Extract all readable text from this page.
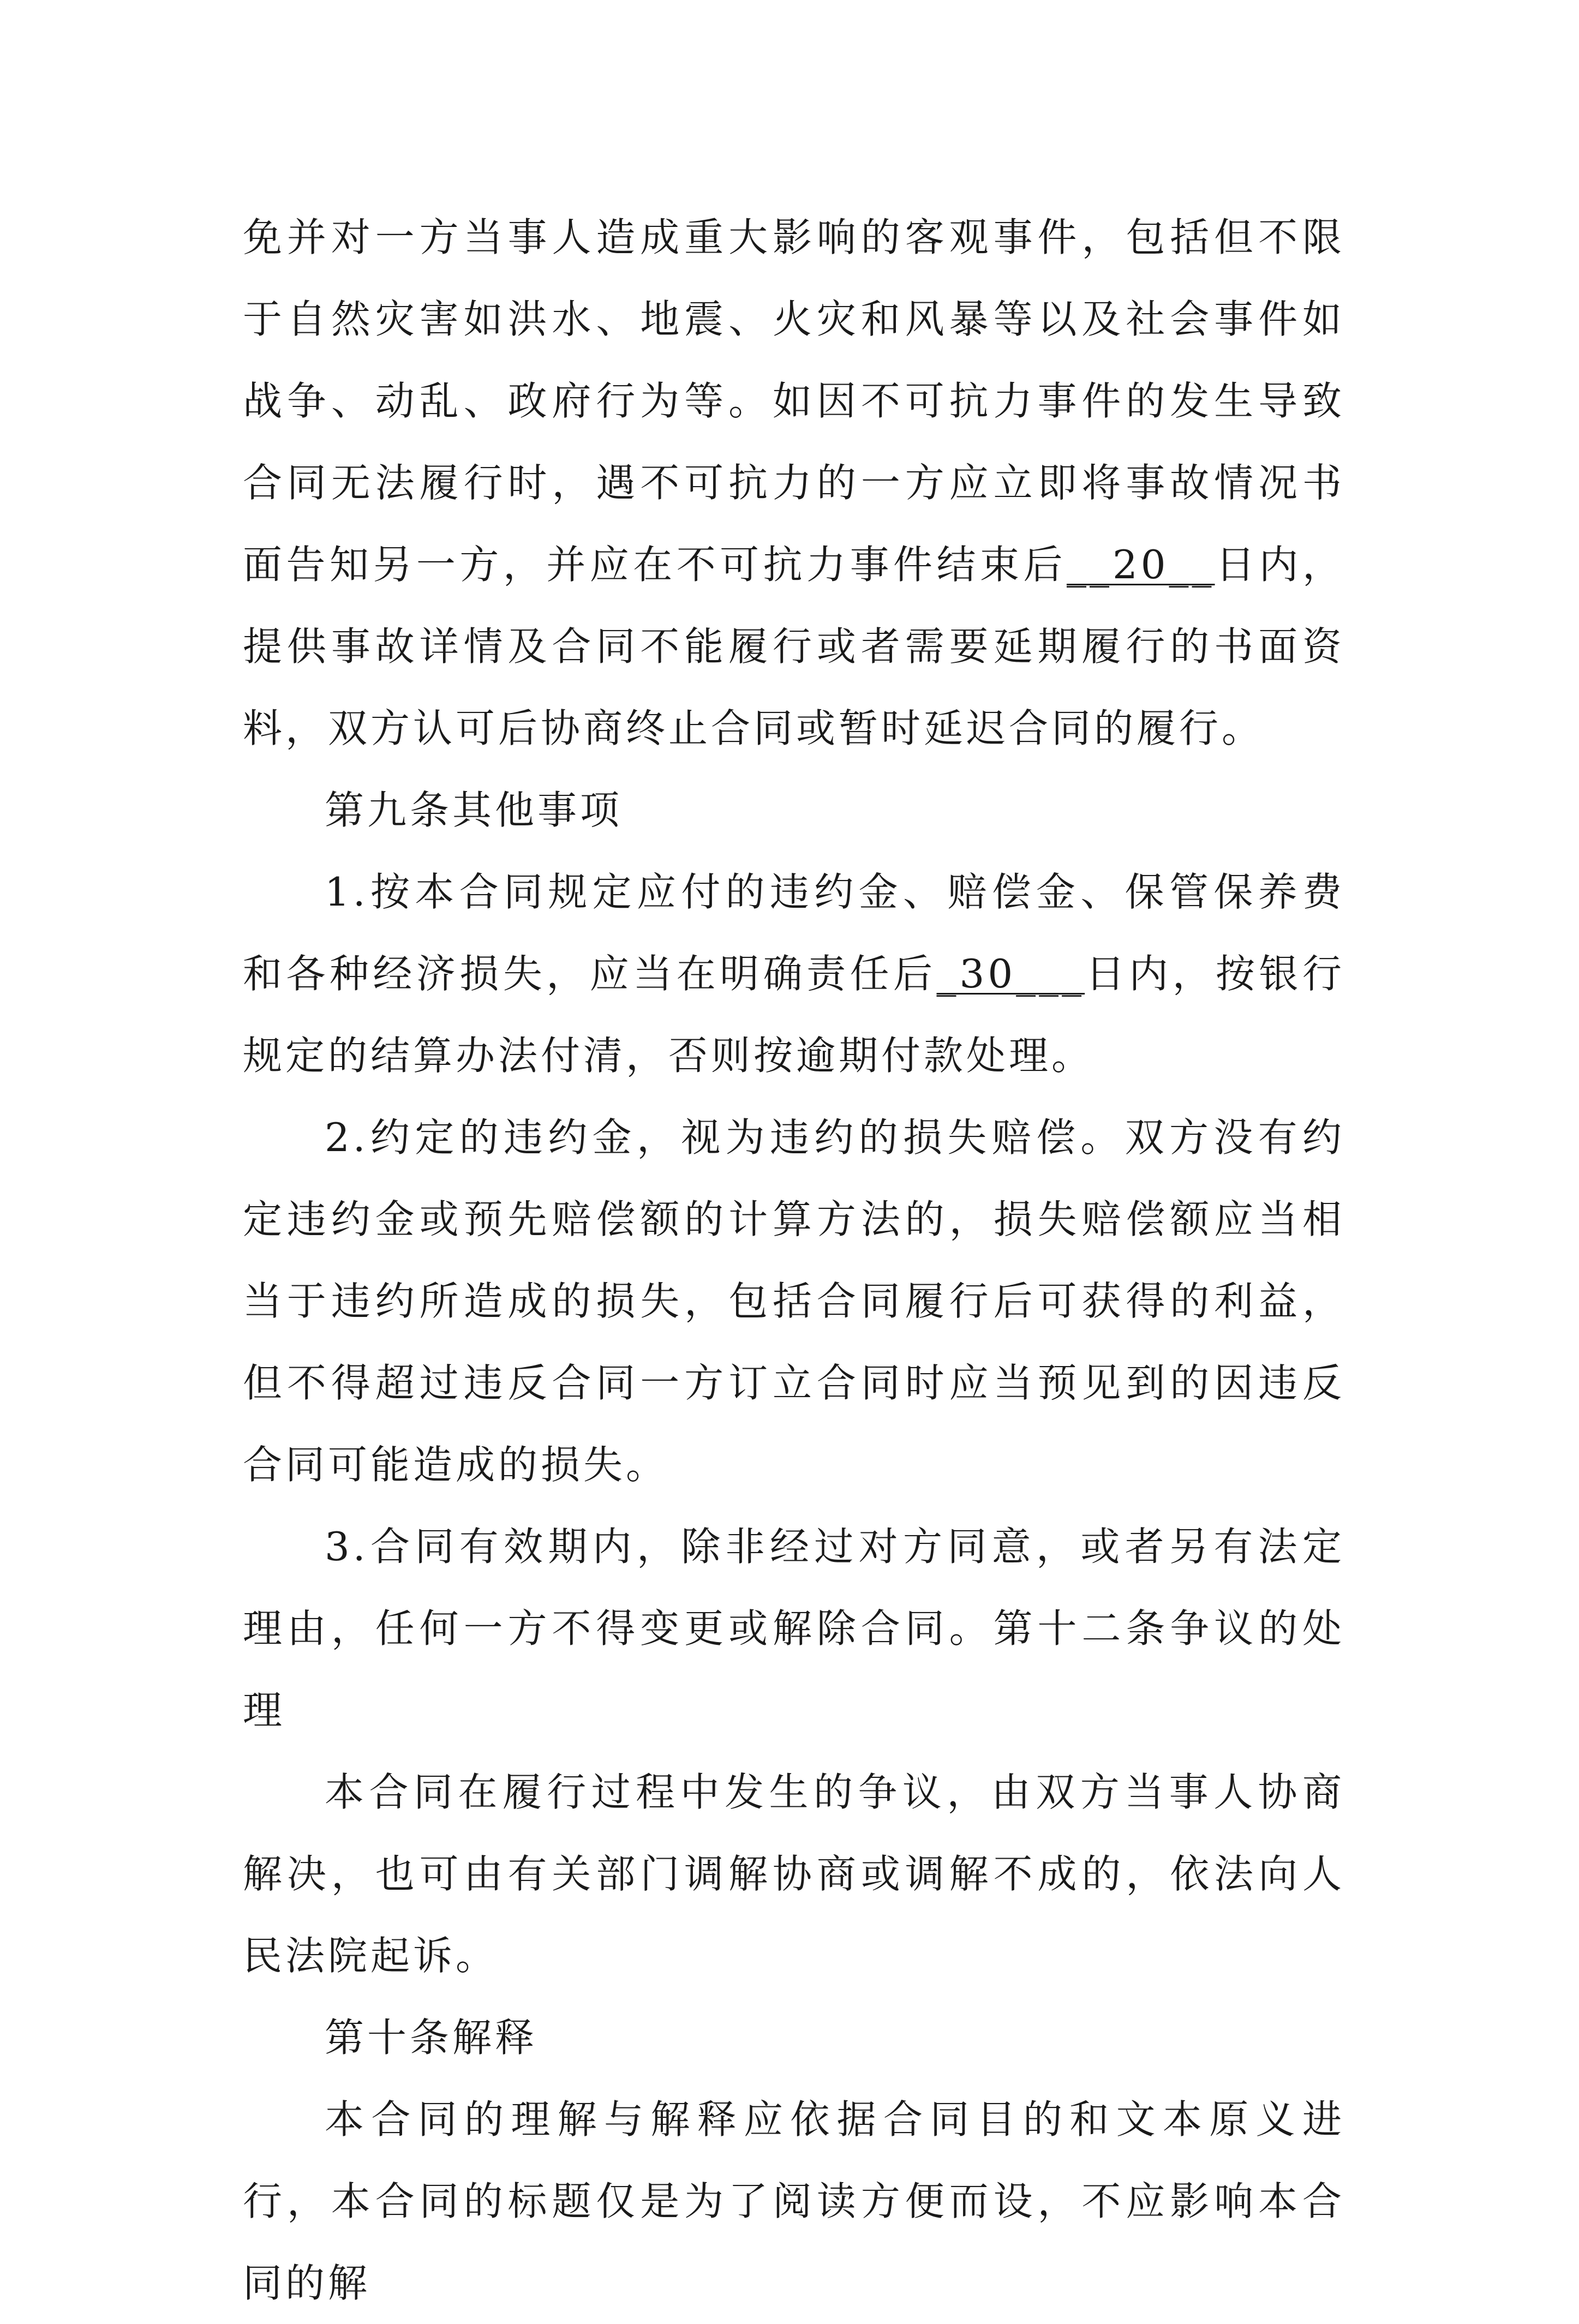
免并对一方当事人造成重大影响的客观事件，包括但不限于自然灾害如洪水、地震、火灾和风暴等以及社会事件如战争、动乱、政府行为等。如因不可抗力事件的发生导致合同无法履行时，遇不可抗力的一方应立即将事故情况书面告知另一方，并应在不可抗力事件结束后__20__日内，提供事故详情及合同不能履行或者需要延期履行的书面资料，双方认可后协商终止合同或暂时延迟合同的履行。

第九条其他事项

1.按本合同规定应付的违约金、赔偿金、保管保养费和各种经济损失，应当在明确责任后_30___日内，按银行规定的结算办法付清，否则按逾期付款处理。

2.约定的违约金，视为违约的损失赔偿。双方没有约定违约金或预先赔偿额的计算方法的，损失赔偿额应当相当于违约所造成的损失，包括合同履行后可获得的利益，但不得超过违反合同一方订立合同时应当预见到的因违反合同可能造成的损失。

3.合同有效期内，除非经过对方同意，或者另有法定理由，任何一方不得变更或解除合同。第十二条争议的处理

本合同在履行过程中发生的争议，由双方当事人协商解决，也可由有关部门调解协商或调解不成的，依法向人民法院起诉。

第十条解释

本合同的理解与解释应依据合同目的和文本原义进行，本合同的标题仅是为了阅读方便而设，不应影响本合同的解
